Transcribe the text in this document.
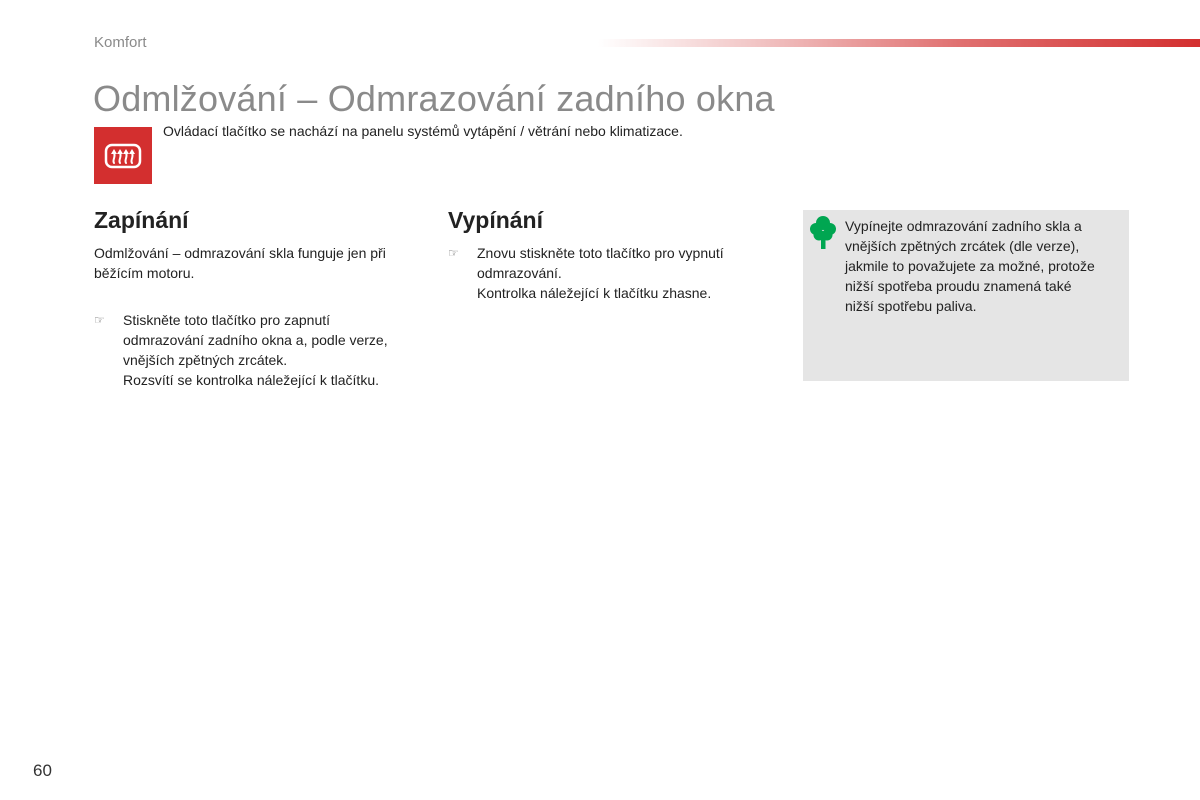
Komfort
Odmlžování – Odmrazování zadního okna
Ovládací tlačítko se nachází na panelu systémů vytápění / větrání nebo klimatizace.
Zapínání

Odmlžování – odmrazování skla funguje jen při běžícím motoru.

☞ Stiskněte toto tlačítko pro zapnutí
odmrazování zadního okna a, podle verze,
vnějších zpětných zrcátek.
Rozsvítí se kontrolka náležející k tlačítku.
Vypínání
☞ Znovu stiskněte toto tlačítko pro vypnutí
odmrazování.
Kontrolka náležející k tlačítku zhasne.
Vypínejte odmrazování zadního skla a
vnějších zpětných zrcátek (dle verze),
jakmile to považujete za možné, protože
nižší spotřeba proudu znamená také
nižší spotřebu paliva.
60
